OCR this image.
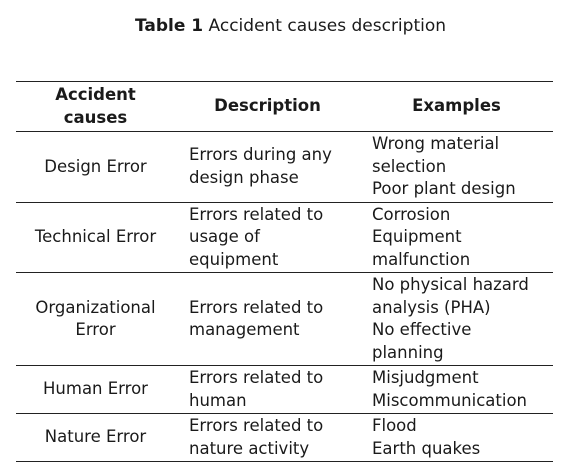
Table 1 Accident causes description
Accident causes	Description	Examples
Design Error	Errors during any design phase	Wrong material selection
Poor plant design

Technical Error	Errors related to usage of equipment	Corrosion
Equipment malfunction

Organizational Error	Errors related to management	No physical hazard analysis (PHA)
No effective planning

Human Error	Errors related to human	Misjudgment
Miscommunication

Nature Error	Errors related to nature activity	Flood
Earth quakes
